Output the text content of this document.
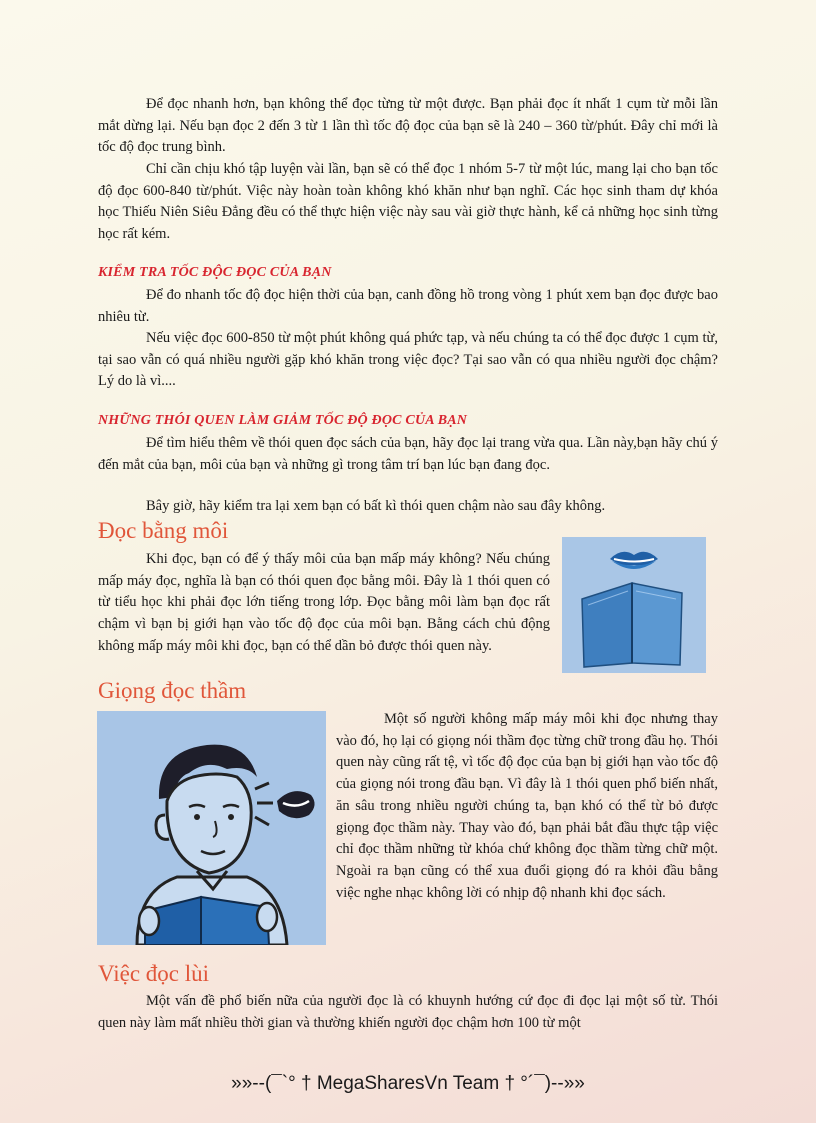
Để đọc nhanh hơn, bạn không thể đọc từng từ một được. Bạn phải đọc ít nhất 1 cụm từ mỗi lần mắt dừng lại. Nếu bạn đọc 2 đến 3 từ 1 lần thì tốc độ đọc của bạn sẽ là 240 – 360 từ/phút. Đây chỉ mới là tốc độ đọc trung bình.

Chỉ cần chịu khó tập luyện vài lần, bạn sẽ có thể đọc 1 nhóm 5-7 từ một lúc, mang lại cho bạn tốc độ đọc 600-840 từ/phút. Việc này hoàn toàn không khó khăn như bạn nghĩ. Các học sinh tham dự khóa học Thiếu Niên Siêu Đẳng đều có thể thực hiện việc này sau vài giờ thực hành, kể cả những học sinh từng học rất kém.

KIỂM TRA TỐC ĐỘC ĐỌC CỦA BẠN

Để đo nhanh tốc độ đọc hiện thời của bạn, canh đồng hồ trong vòng 1 phút xem bạn đọc được bao nhiêu từ.

Nếu việc đọc 600-850 từ một phút không quá phức tạp, và nếu chúng ta có thể đọc được 1 cụm từ, tại sao vẫn có quá nhiều người gặp khó khăn trong việc đọc? Tại sao vẫn có qua nhiều người đọc chậm? Lý do là vì....

NHỮNG THÓI QUEN LÀM GIẢM TỐC ĐỘ ĐỌC CỦA BẠN

Để tìm hiểu thêm về thói quen đọc sách của bạn, hãy đọc lại trang vừa qua. Lần này,bạn hãy chú ý đến mắt của bạn, môi của bạn và những gì trong tâm trí bạn lúc bạn đang đọc.

Bây giờ, hãy kiểm tra lại xem bạn có bất kì thói quen chậm nào sau đây không.

Đọc bằng môi

Khi đọc, bạn có để ý thấy môi của bạn mấp máy không? Nếu chúng mấp máy đọc, nghĩa là bạn có thói quen đọc bằng môi. Đây là 1 thói quen có từ tiểu học khi phải đọc lớn tiếng trong lớp. Đọc bằng môi làm bạn đọc rất chậm vì bạn bị giới hạn vào tốc độ đọc của môi bạn. Bằng cách chủ động không mấp máy môi khi đọc, bạn có thể dần bỏ được thói quen này.

Giọng đọc thầm

Một số người không mấp máy môi khi đọc nhưng thay vào đó, họ lại có giọng nói thầm đọc từng chữ trong đầu họ. Thói quen này cũng rất tệ, vì tốc độ đọc của bạn bị giới hạn vào tốc độ của giọng nói trong đầu bạn. Vì đây là 1 thói quen phổ biến nhất, ăn sâu trong nhiều người chúng ta, bạn khó có thể từ bỏ được giọng đọc thầm này. Thay vào đó, bạn phải bắt đầu thực tập việc chỉ đọc thầm những từ khóa chứ không đọc thầm từng chữ một. Ngoài ra bạn cũng có thể xua đuổi giọng đó ra khỏi đầu bằng việc nghe nhạc không lời có nhịp độ nhanh khi đọc sách.

Việc đọc lùi

Một vấn đề phổ biến nữa của người đọc là có khuynh hướng cứ đọc đi đọc lại một số từ. Thói quen này làm mất nhiều thời gian và thường khiến người đọc chậm hơn 100 từ một

»»--(¯`° † MegaSharesVn Team † °´¯)--»»
